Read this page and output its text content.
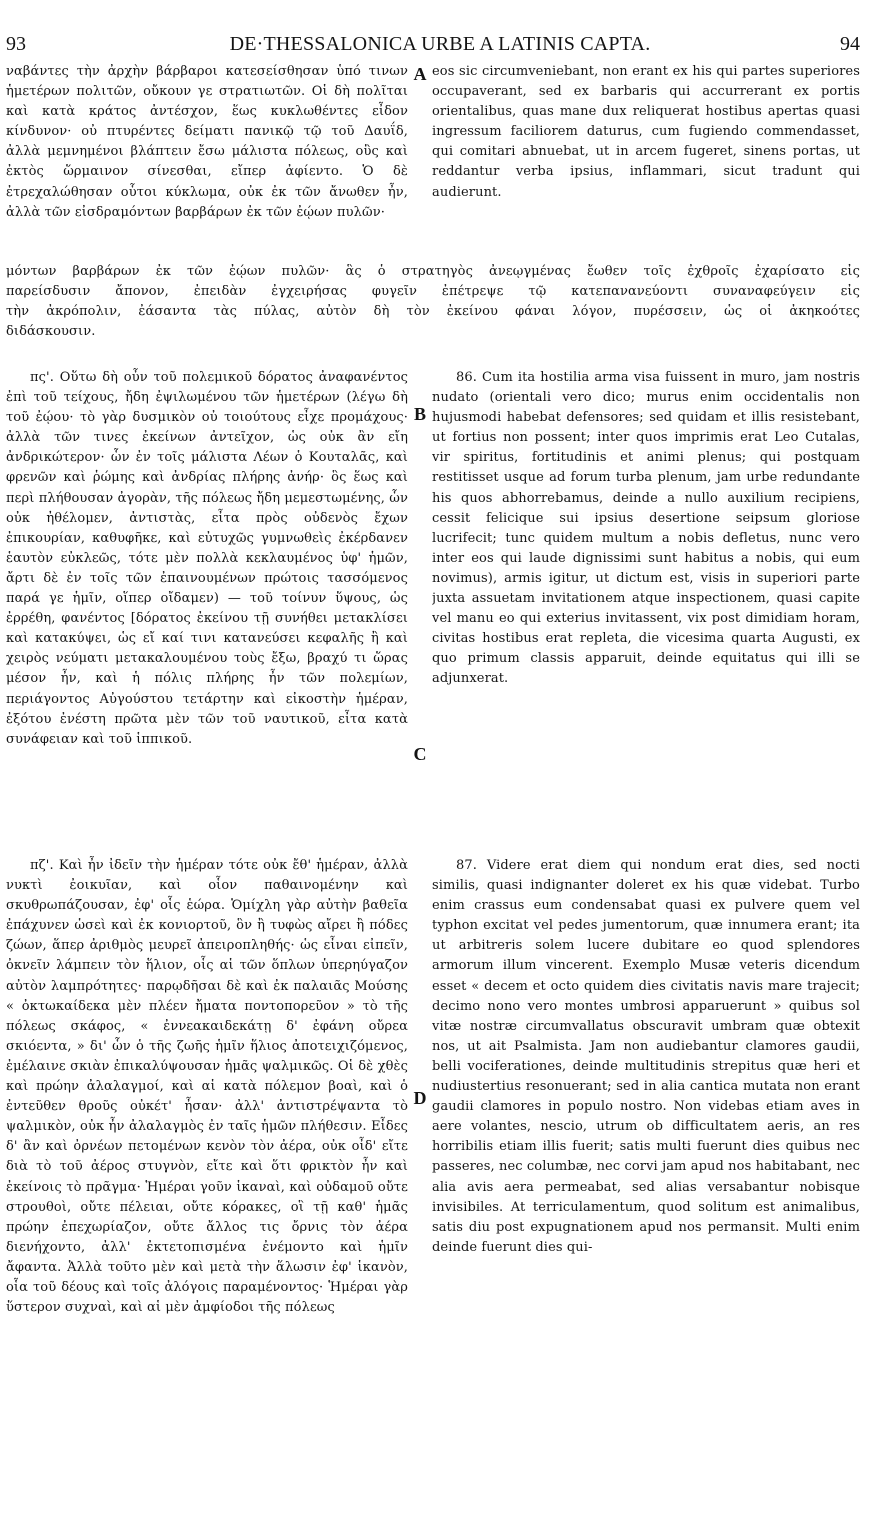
93	DE·THESSALONICA URBE A LATINIS CAPTA.	94

ναβάντες τὴν ἀρχὴν βάρβαροι κατεσείσθησαν ὑπό τινων ἡμετέρων πολιτῶν, οὔκουν γε στρατιωτῶν. Οἱ δὴ πολῖται καὶ κατὰ κράτος ἀντέσχον, ἕως κυκλωθέντες εἶδον κίνδυνον· οὐ πτυρέντες δείματι πανικῷ τῷ τοῦ Δαυΐδ, ἀλλὰ μεμνημένοι βλάπτειν ἔσω μάλιστα πόλεως, οὓς καὶ ἐκτὸς ὥρμαινον σίνεσθαι, εἴπερ ἀφίεντο. Ὁ δὲ ἐτρεχαλώθησαν οὗτοι κύκλωμα, οὐκ ἐκ τῶν ἄνωθεν ἦν, ἀλλὰ τῶν εἰσδραμόντων βαρβάρων ἐκ τῶν ἐῴων πυλῶν·

A eos sic circumveniebant, non erant ex his qui partes superiores occupaverant, sed ex barbaris qui accurrerant ex portis orientalibus, quas mane dux reliquerat hostibus apertas quasi ingressum faciliorem daturus, cum fugiendo commendasset, qui comitari abnuebat, ut in arcem fugeret, sinens portas, ut reddantur verba ipsius, inflammari, sicut tradunt qui audierunt.

μόντων βαρβάρων ἐκ τῶν ἐῴων πυλῶν· ἃς ὁ στρατηγὸς ἀνεῳγμένας ἔωθεν τοῖς ἐχθροῖς ἐχαρίσατο εἰς
παρείσδυσιν ἄπονον, ἐπειδὰν ἐγχειρήσας φυγεῖν ἐπέτρεψε τῷ κατεπανανεύοντι συναναφεύγειν εἰς
τὴν ἀκρόπολιν, ἐάσαντα τὰς πύλας, αὐτὸν δὴ τὸν ἐκείνου φάναι λόγον, πυρέσσειν, ὡς οἱ ἀκηκοότες
διδάσκουσιν.

πς'. Οὕτω δὴ οὖν τοῦ πολεμικοῦ δόρατος ἀναφανέντος ἐπὶ τοῦ τείχους, ἤδη ἐψιλωμένου τῶν ἡμετέρων (λέγω δὴ τοῦ ἐῴου· τὸ γὰρ δυσμικὸν οὐ τοιούτους εἶχε προμάχους· ἀλλὰ τῶν τινες ἐκείνων ἀντεῖχον, ὡς οὐκ ἂν εἴη ἀνδρικώτερον· ὧν ἐν τοῖς μάλιστα Λέων ὁ Κουταλᾶς, καὶ φρενῶν καὶ ῥώμης καὶ ἀνδρίας πλήρης ἀνήρ· ὃς ἕως καὶ περὶ πλήθουσαν ἀγορὰν, τῆς πόλεως ἤδη μεμεστωμένης, ὧν οὐκ ἠθέλομεν, ἀντιστὰς, εἶτα πρὸς οὐδενὸς ἔχων ἐπικουρίαν, καθυφῆκε, καὶ εὐτυχῶς γυμνωθεὶς ἐκέρδανεν ἑαυτὸν εὐκλεῶς, τότε μὲν πολλὰ κεκλαυμένος ὑφ' ἡμῶν, ἄρτι δὲ ἐν τοῖς τῶν ἐπαινουμένων πρώτοις τασσόμενος παρά γε ἡμῖν, οἵπερ οἴδαμεν) — τοῦ τοίνυν ὕψους, ὡς ἐρρέθη, φανέντος [δόρατος ἐκείνου τῇ συνήθει μετακλίσει καὶ κατακύψει, ὡς εἴ καί τινι κατανεύσει κεφαλῆς ἢ καὶ χειρὸς νεύματι μετακαλουμένου τοὺς ἔξω, βραχύ τι ὥρας μέσον ἦν, καὶ ἡ πόλις πλήρης ἦν τῶν πολεμίων, περιάγοντος Αὐγούστου τετάρτην καὶ εἰκοστὴν ἡμέραν, ἐξότου ἐνέστη πρῶτα μὲν τῶν τοῦ ναυτικοῦ, εἶτα κατὰ συνάφειαν καὶ τοῦ ἱππικοῦ.

B
C

86. Cum ita hostilia arma visa fuissent in muro, jam nostris nudato (orientali vero dico; murus enim occidentalis non hujusmodi habebat defensores; sed quidam et illis resistebant, ut fortius non possent; inter quos imprimis erat Leo Cutalas, vir spiritus, fortitudinis et animi plenus; qui postquam restitisset usque ad forum turba plenum, jam urbe redundante his quos abhorrebamus, deinde a nullo auxilium recipiens, cessit felicique sui ipsius desertione seipsum gloriose lucrifecit; tunc quidem multum a nobis defletus, nunc vero inter eos qui laude dignissimi sunt habitus a nobis, qui eum novimus), armis igitur, ut dictum est, visis in superiori parte juxta assuetam invitationem atque inspectionem, quasi capite vel manu eo qui exterius invitassent, vix post dimidiam horam, civitas hostibus erat repleta, die vicesima quarta Augusti, ex quo primum classis apparuit, deinde equitatus qui illi se adjunxerat.

πζ'. Καὶ ἦν ἰδεῖν τὴν ἡμέραν τότε οὐκ ἔθ' ἡμέραν, ἀλλὰ νυκτὶ ἐοικυῖαν, καὶ οἷον παθαινομένην καὶ σκυθρωπάζουσαν, ἐφ' οἷς ἑώρα. Ὁμίχλη γὰρ αὐτὴν βαθεῖα ἐπάχυνεν ὡσεὶ καὶ ἐκ κονιορτοῦ, ὃν ἢ τυφὼς αἴρει ἢ πόδες ζώων, ἅπερ ἀριθμὸς μευρεῖ ἀπειροπληθής· ὡς εἶναι εἰπεῖν, ὀκνεῖν λάμπειν τὸν ἥλιον, οἷς αἱ τῶν ὅπλων ὑπερηύγαζον αὐτὸν λαμπρότητες· παρῳδῆσαι δὲ καὶ ἐκ παλαιᾶς Μούσης « ὀκτωκαίδεκα μὲν πλέεν ἤματα ποντοπορεῦον » τὸ τῆς πόλεως σκάφος, « ἐννεακαιδεκάτῃ δ' ἐφάνη οὔρεα σκιόεντα, » δι' ὧν ὁ τῆς ζωῆς ἡμῖν ἥλιος ἀποτειχιζόμενος, ἐμέλαινε σκιὰν ἐπικαλύψουσαν ἡμᾶς ψαλμικῶς. Οἱ δὲ χθὲς καὶ πρώην ἀλαλαγμοί, καὶ αἱ κατὰ πόλεμον βοαὶ, καὶ ὁ ἐντεῦθεν θροῦς οὐκέτ' ἦσαν· ἀλλ' ἀντιστρέψαντα τὸ ψαλμικὸν, οὐκ ἦν ἀλαλαγμὸς ἐν ταῖς ἡμῶν πλήθεσιν. Εἶδες δ' ἂν καὶ ὀρνέων πετομένων κενὸν τὸν ἀέρα, οὐκ οἶδ' εἴτε διὰ τὸ τοῦ ἀέρος στυγνὸν, εἴτε καὶ ὅτι φρικτὸν ἦν καὶ ἐκείνοις τὸ πρᾶγμα· Ἡμέραι γοῦν ἱκαναὶ, καὶ οὐδαμοῦ οὔτε στρουθοὶ, οὔτε πέλειαι, οὔτε κόρακες, οἳ τῇ καθ' ἡμᾶς πρώην ἐπεχωρίαζον, οὔτε ἄλλος τις ὄρνις τὸν ἀέρα διενήχοντο, ἀλλ' ἐκτετοπισμένα ἐνέμοντο καὶ ἡμῖν ἄφαντα. Ἀλλὰ τοῦτο μὲν καὶ μετὰ τὴν ἅλωσιν ἐφ' ἱκανὸν, οἷα τοῦ δέους καὶ τοῖς ἀλόγοις παραμένοντος· Ἡμέραι γὰρ ὕστερον συχναὶ, καὶ αἱ μὲν ἀμφίοδοι τῆς πόλεως

D

87. Videre erat diem qui nondum erat dies, sed nocti similis, quasi indignanter doleret ex his quæ videbat. Turbo enim crassus eum condensabat quasi ex pulvere quem vel typhon excitat vel pedes jumentorum, quæ innumera erant; ita ut arbitreris solem lucere dubitare eo quod splendores armorum illum vincerent. Exemplo Musæ veteris dicendum esset « decem et octo quidem dies civitatis navis mare trajecit; decimo nono vero montes umbrosi apparuerunt » quibus sol vitæ nostræ circumvallatus obscuravit umbram quæ obtexit nos, ut ait Psalmista. Jam non audiebantur clamores gaudii, belli vociferationes, deinde multitudinis strepitus quæ heri et nudiustertius resonuerant; sed in alia cantica mutata non erant gaudii clamores in populo nostro. Non videbas etiam aves in aere volantes, nescio, utrum ob difficultatem aeris, an res horribilis etiam illis fuerit; satis multi fuerunt dies quibus nec passeres, nec columbæ, nec corvi jam apud nos habitabant, nec alia avis aera permeabat, sed alias versabantur nobisque invisibiles. At terriculamentum, quod solitum est animalibus, satis diu post expugnationem apud nos permansit. Multi enim deinde fuerunt dies qui-
